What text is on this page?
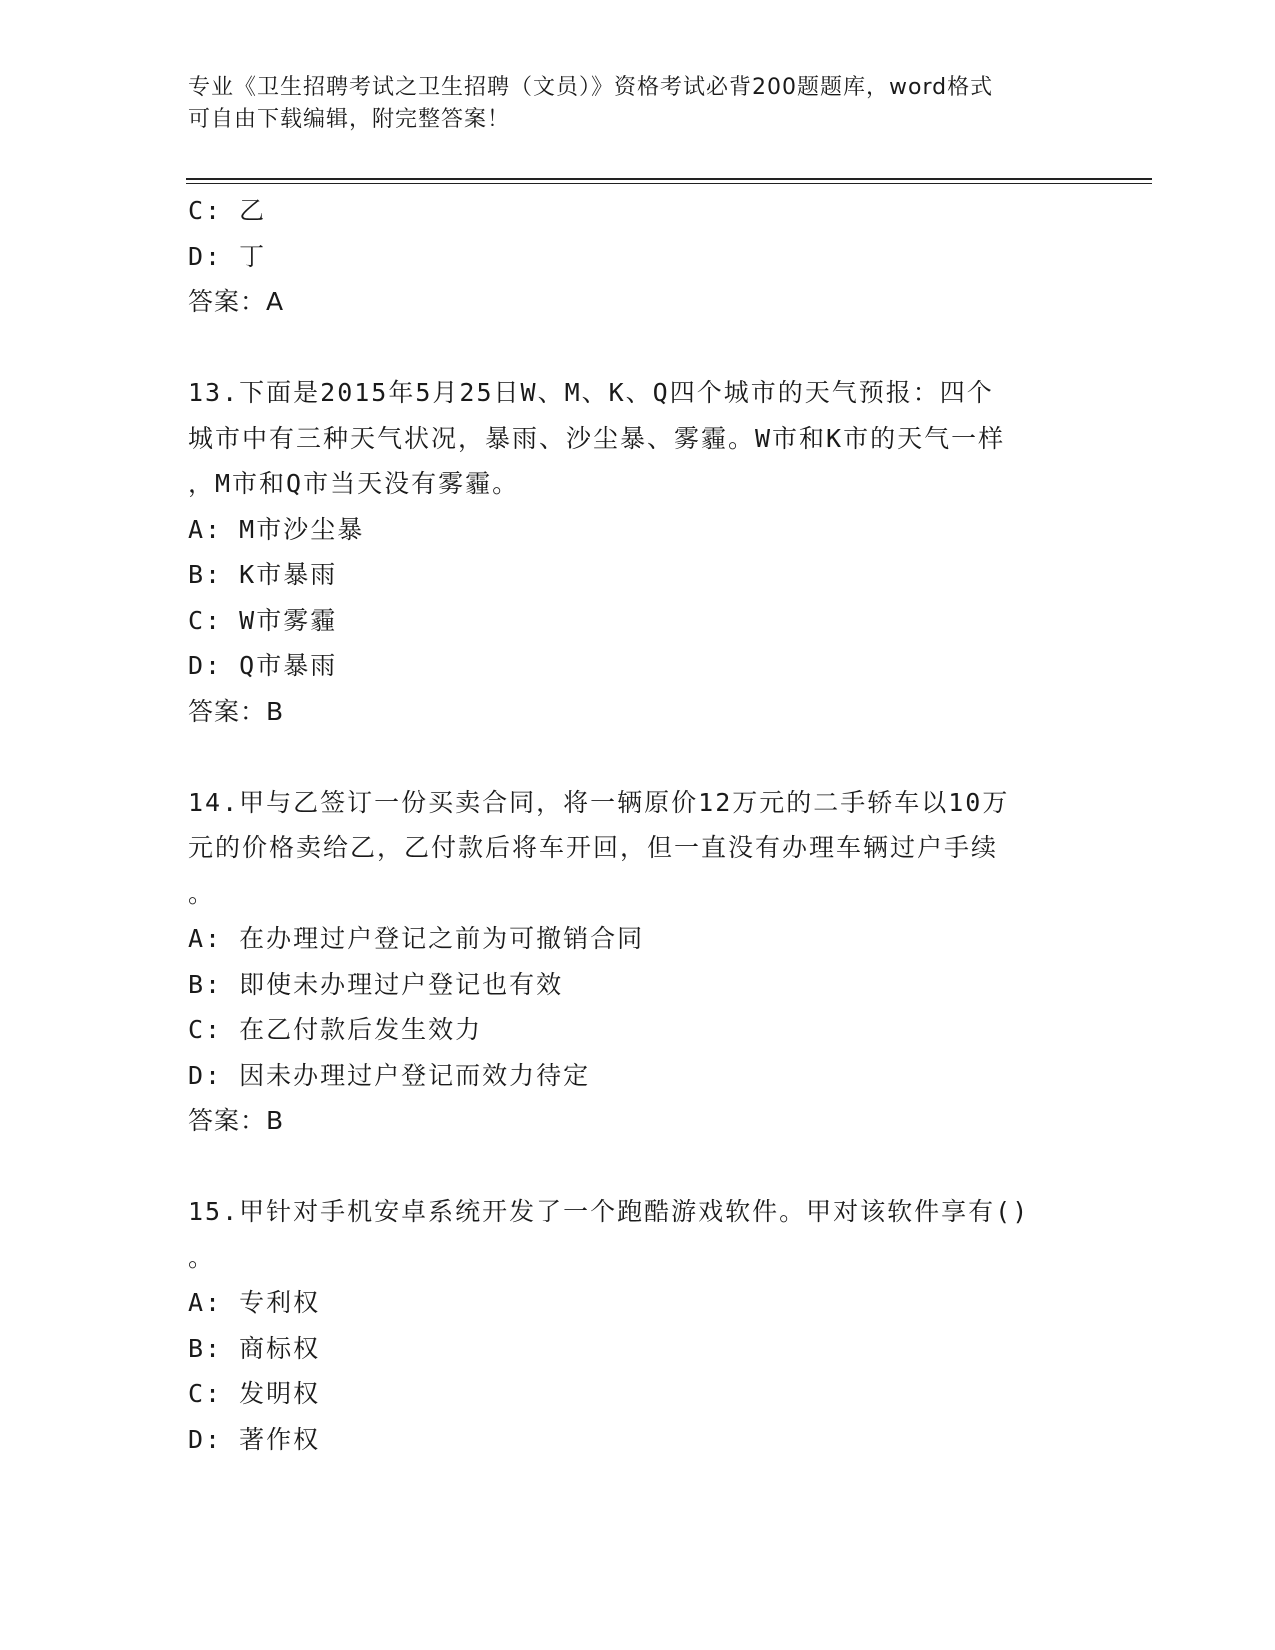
专业《卫生招聘考试之卫生招聘（文员）》资格考试必背200题题库，word格式
可自由下载编辑，附完整答案！
C: 乙
D: 丁
答案：A
13.下面是2015年5月25日W、M、K、Q四个城市的天气预报：四个
城市中有三种天气状况，暴雨、沙尘暴、雾霾。W市和K市的天气一样
，M市和Q市当天没有雾霾。
A: M市沙尘暴
B: K市暴雨
C: W市雾霾
D: Q市暴雨
答案：B
14.甲与乙签订一份买卖合同，将一辆原价12万元的二手轿车以10万
元的价格卖给乙，乙付款后将车开回，但一直没有办理车辆过户手续
。
A: 在办理过户登记之前为可撤销合同
B: 即使未办理过户登记也有效
C: 在乙付款后发生效力
D: 因未办理过户登记而效力待定
答案：B
15.甲针对手机安卓系统开发了一个跑酷游戏软件。甲对该软件享有()
。
A: 专利权
B: 商标权
C: 发明权
D: 著作权
